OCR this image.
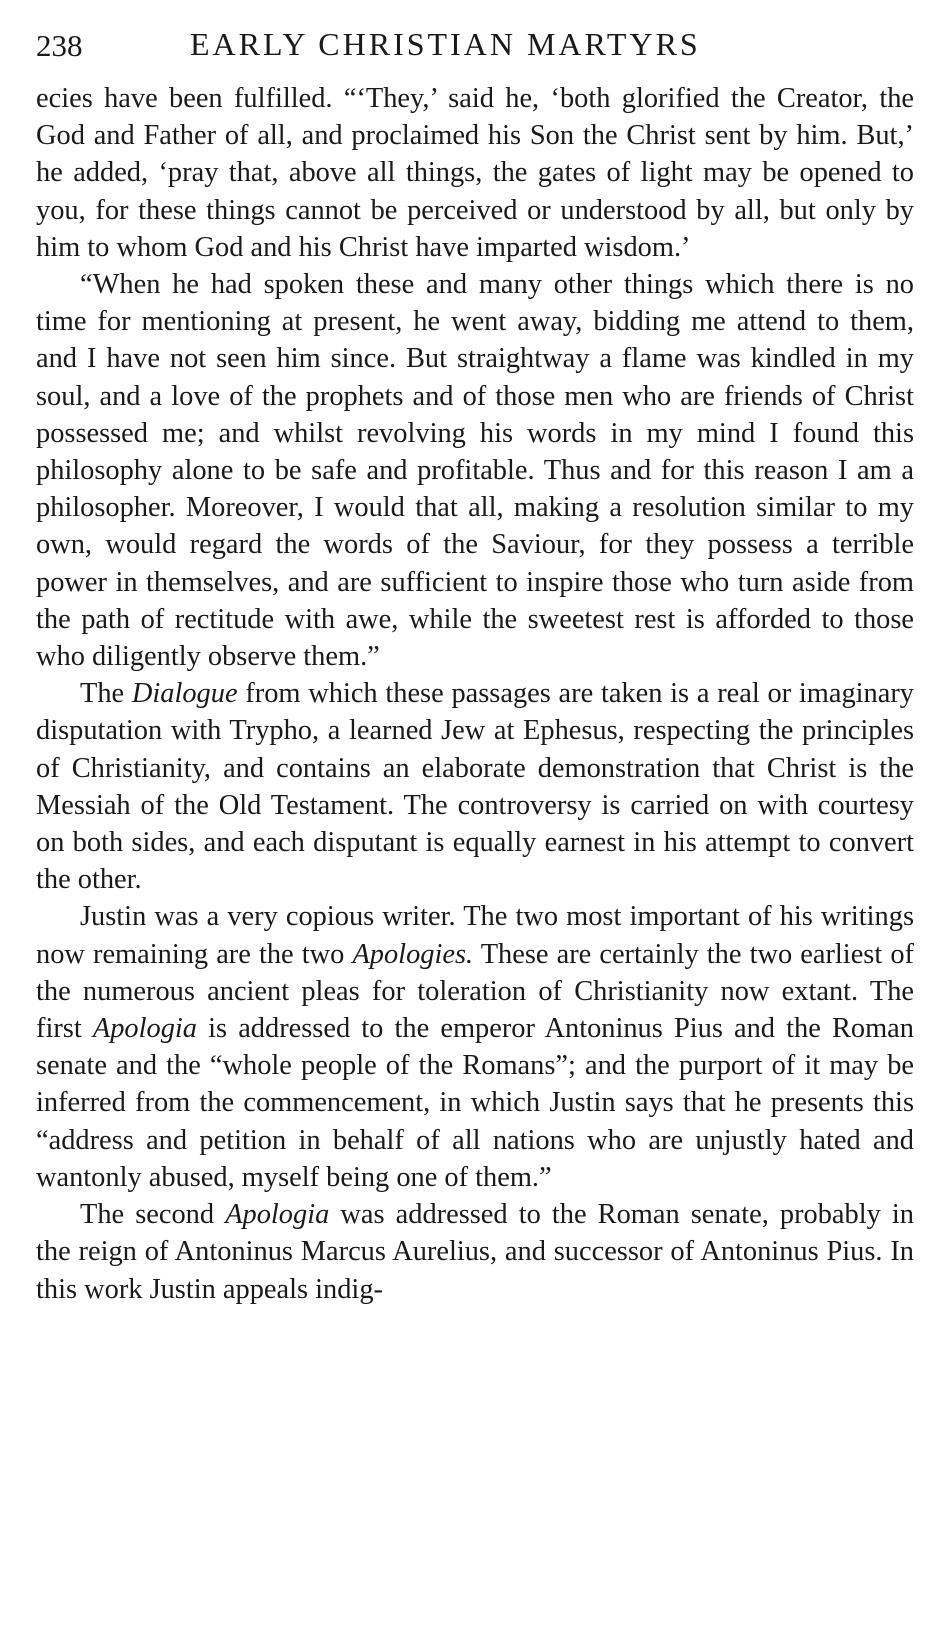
238	EARLY CHRISTIAN MARTYRS

ecies have been fulfilled. “‘They,’ said he, ‘both glorified the Creator, the God and Father of all, and proclaimed his Son the Christ sent by him. But,’ he added, ‘pray that, above all things, the gates of light may be opened to you, for these things cannot be perceived or understood by all, but only by him to whom God and his Christ have imparted wisdom.’

“When he had spoken these and many other things which there is no time for mentioning at present, he went away, bidding me attend to them, and I have not seen him since. But straightway a flame was kindled in my soul, and a love of the prophets and of those men who are friends of Christ possessed me; and whilst revolving his words in my mind I found this philosophy alone to be safe and profitable. Thus and for this reason I am a philosopher. Moreover, I would that all, making a resolution similar to my own, would regard the words of the Saviour, for they possess a terrible power in themselves, and are sufficient to inspire those who turn aside from the path of rectitude with awe, while the sweetest rest is afforded to those who diligently observe them.”

The Dialogue from which these passages are taken is a real or imaginary disputation with Trypho, a learned Jew at Ephesus, respecting the principles of Christianity, and contains an elaborate demonstration that Christ is the Messiah of the Old Testament. The controversy is carried on with courtesy on both sides, and each disputant is equally earnest in his attempt to convert the other.

Justin was a very copious writer. The two most important of his writings now remaining are the two Apologies. These are certainly the two earliest of the numerous ancient pleas for toleration of Christianity now extant. The first Apologia is addressed to the emperor Antoninus Pius and the Roman senate and the “whole people of the Romans”; and the purport of it may be inferred from the commencement, in which Justin says that he presents this “address and petition in behalf of all nations who are unjustly hated and wantonly abused, myself being one of them.”

The second Apologia was addressed to the Roman senate, probably in the reign of Antoninus Marcus Aurelius, and successor of Antoninus Pius. In this work Justin appeals indig-
